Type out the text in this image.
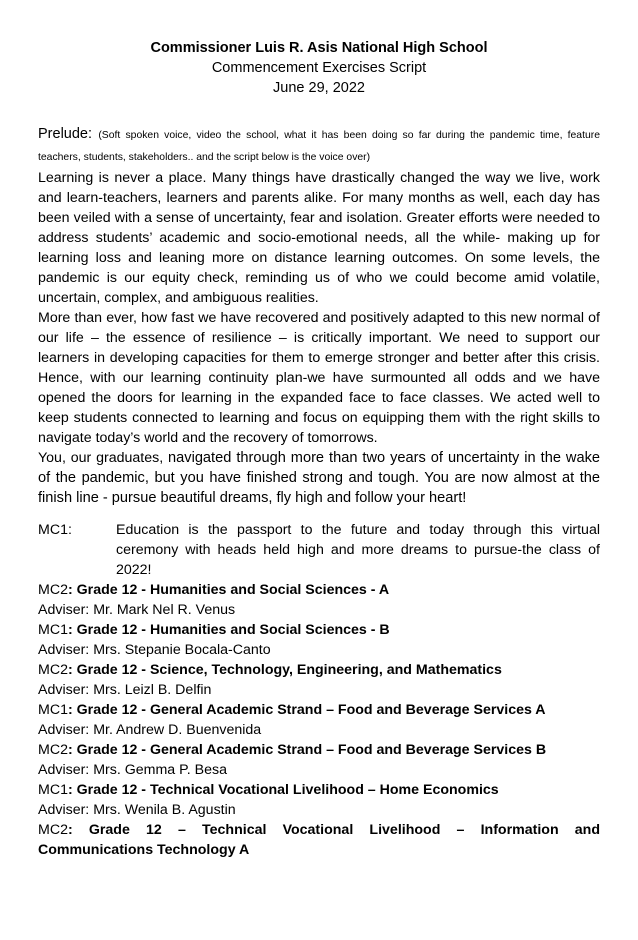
Commissioner Luis R. Asis National High School
Commencement Exercises Script
June 29, 2022
Prelude: (Soft spoken voice, video the school, what it has been doing so far during the pandemic time, feature teachers, students, stakeholders.. and the script below is the voice over)

Learning is never a place. Many things have drastically changed the way we live, work and learn-teachers, learners and parents alike. For many months as well, each day has been veiled with a sense of uncertainty, fear and isolation. Greater efforts were needed to address students’ academic and socio-emotional needs, all the while- making up for learning loss and leaning more on distance learning outcomes. On some levels, the pandemic is our equity check, reminding us of who we could become amid volatile, uncertain, complex, and ambiguous realities.

More than ever, how fast we have recovered and positively adapted to this new normal of our life – the essence of resilience – is critically important. We need to support our learners in developing capacities for them to emerge stronger and better after this crisis. Hence, with our learning continuity plan-we have surmounted all odds and we have opened the doors for learning in the expanded face to face classes. We acted well to keep students connected to learning and focus on equipping them with the right skills to navigate today’s world and the recovery of tomorrows.

You, our graduates, navigated through more than two years of uncertainty in the wake of the pandemic, but you have finished strong and tough. You are now almost at the finish line - pursue beautiful dreams, fly high and follow your heart!

MC1:	Education is the passport to the future and today through this virtual ceremony with heads held high and more dreams to pursue-the class of 2022!

MC2: Grade 12 - Humanities and Social Sciences - A

Adviser: Mr. Mark Nel R. Venus

MC1: Grade 12 - Humanities and Social Sciences - B

Adviser: Mrs. Stepanie Bocala-Canto

MC2: Grade 12 - Science, Technology, Engineering, and Mathematics

Adviser: Mrs. Leizl B. Delfin

MC1: Grade 12 - General Academic Strand – Food and Beverage Services A

Adviser: Mr. Andrew D. Buenvenida

MC2: Grade 12 - General Academic Strand – Food and Beverage Services B

Adviser: Mrs. Gemma P. Besa

MC1: Grade 12 - Technical Vocational Livelihood – Home Economics

Adviser: Mrs. Wenila B. Agustin

MC2: Grade 12 – Technical Vocational Livelihood – Information and

Communications Technology A
